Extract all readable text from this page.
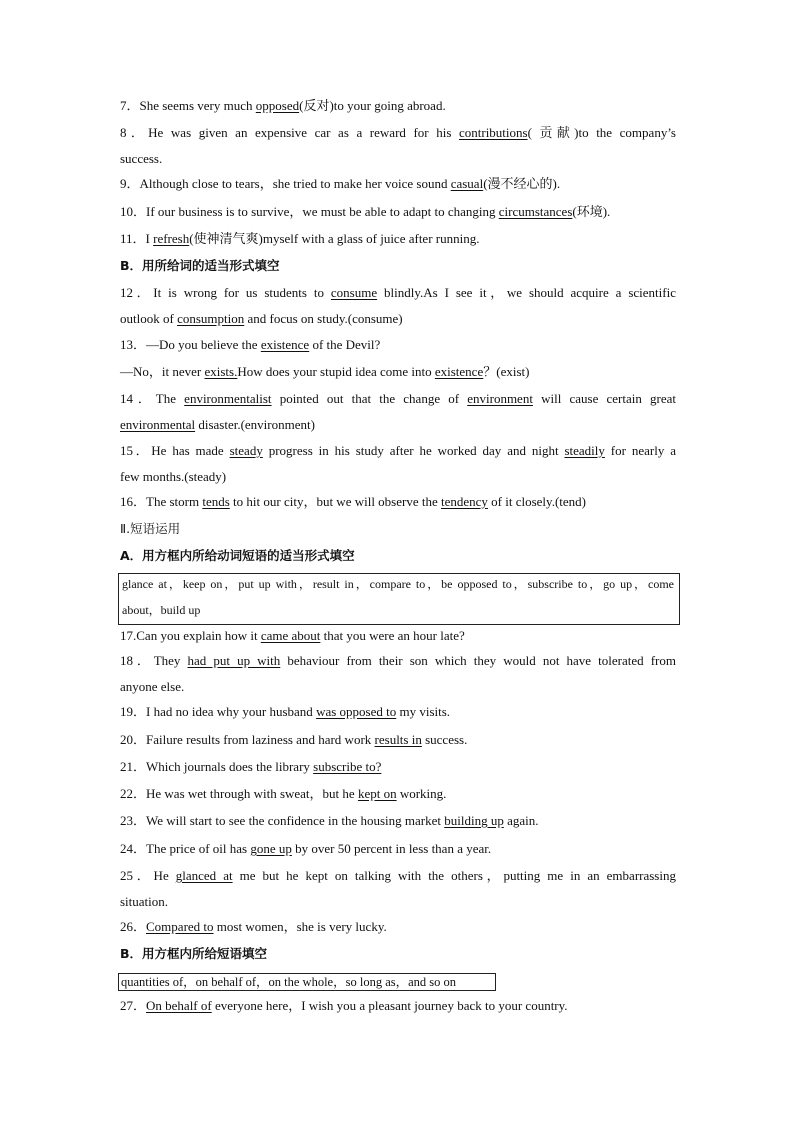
7．She seems very much opposed(反对)to your going abroad.
8．He was given an expensive car as a reward for his contributions( 贡献)to the company’s
success.
9．Although close to tears，she tried to make her voice sound casual(漫不经心的).
10．If our business is to survive，we must be able to adapt to changing circumstances(环境).
11．I refresh(使神清气爽)myself with a glass of juice after running.
B．用所给词的适当形式填空
12．It is wrong for us students to consume blindly.As I see it，we should acquire a scientific
outlook of consumption and focus on study.(consume)
13．—Do you believe the existence of the Devil?
—No，it never exists.How does your stupid idea come into existence？(exist)
14．The environmentalist pointed out that the change of environment will cause certain great
environmental disaster.(environment)
15．He has made steady progress in his study after he worked day and night steadily for nearly a
few months.(steady)
16．The storm tends to hit our city，but we will observe the tendency of it closely.(tend)
Ⅱ.短语运用
A．用方框内所给动词短语的适当形式填空
glance at，keep on，put up with，result in，compare to，be opposed to，subscribe to，go up，come
about，build up
17.Can you explain how it came about that you were an hour late?
18．They had put up with behaviour from their son which they would not have tolerated from
anyone else.
19．I had no idea why your husband was opposed to my visits.
20．Failure results from laziness and hard work results in success.
21．Which journals does the library subscribe to?
22．He was wet through with sweat，but he kept on working.
23．We will start to see the confidence in the housing market building up again.
24．The price of oil has gone up by over 50 percent in less than a year.
25．He glanced at me but he kept on talking with the others，putting me in an embarrassing
situation.
26．Compared to most women，she is very lucky.
B．用方框内所给短语填空
quantities of，on behalf of，on the whole，so long as，and so on
27．On behalf of everyone here，I wish you a pleasant journey back to your country.
